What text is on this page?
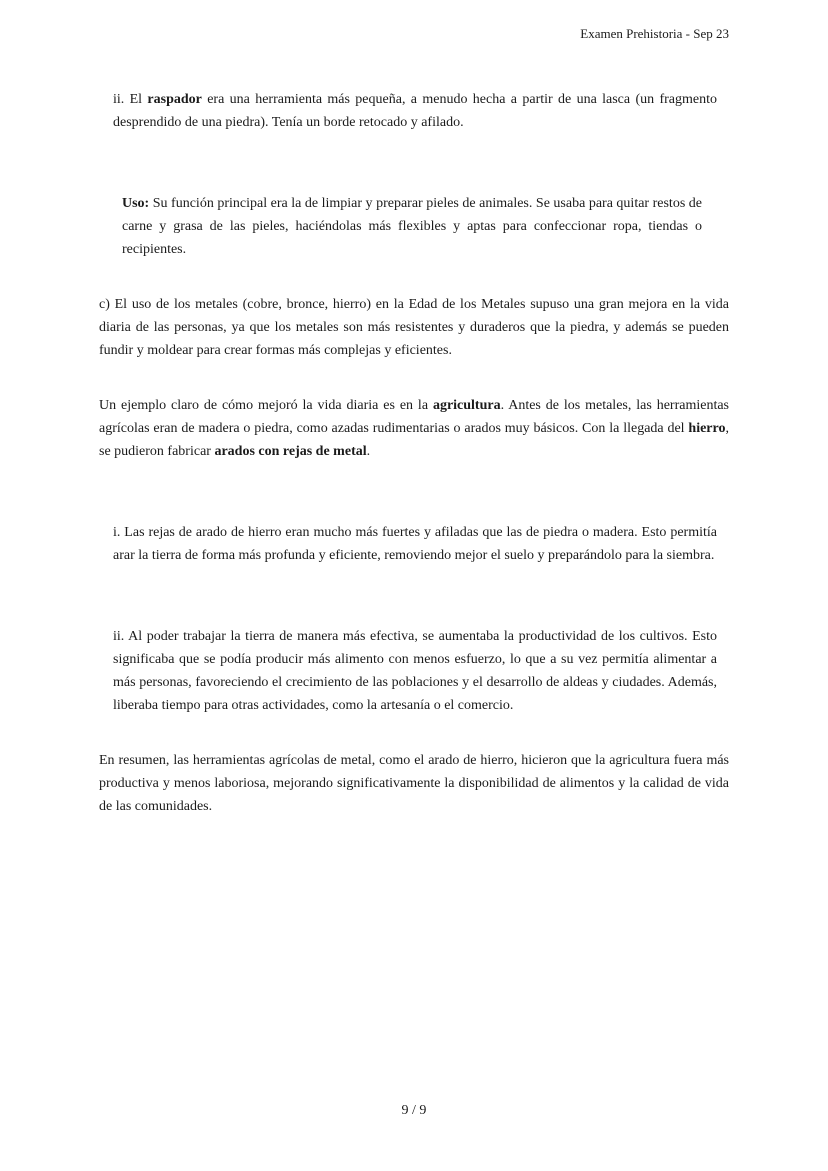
Examen Prehistoria - Sep 23

ii. El raspador era una herramienta más pequeña, a menudo hecha a partir de una lasca (un fragmento desprendido de una piedra). Tenía un borde retocado y afilado.

Uso: Su función principal era la de limpiar y preparar pieles de animales. Se usaba para quitar restos de carne y grasa de las pieles, haciéndolas más flexibles y aptas para confeccionar ropa, tiendas o recipientes.

c) El uso de los metales (cobre, bronce, hierro) en la Edad de los Metales supuso una gran mejora en la vida diaria de las personas, ya que los metales son más resistentes y duraderos que la piedra, y además se pueden fundir y moldear para crear formas más complejas y eficientes.

Un ejemplo claro de cómo mejoró la vida diaria es en la agricultura. Antes de los metales, las herramientas agrícolas eran de madera o piedra, como azadas rudimentarias o arados muy básicos. Con la llegada del hierro, se pudieron fabricar arados con rejas de metal.

i. Las rejas de arado de hierro eran mucho más fuertes y afiladas que las de piedra o madera. Esto permitía arar la tierra de forma más profunda y eficiente, removiendo mejor el suelo y preparándolo para la siembra.

ii. Al poder trabajar la tierra de manera más efectiva, se aumentaba la productividad de los cultivos. Esto significaba que se podía producir más alimento con menos esfuerzo, lo que a su vez permitía alimentar a más personas, favoreciendo el crecimiento de las poblaciones y el desarrollo de aldeas y ciudades. Además, liberaba tiempo para otras actividades, como la artesanía o el comercio.

En resumen, las herramientas agrícolas de metal, como el arado de hierro, hicieron que la agricultura fuera más productiva y menos laboriosa, mejorando significativamente la disponibilidad de alimentos y la calidad de vida de las comunidades.

9 / 9
